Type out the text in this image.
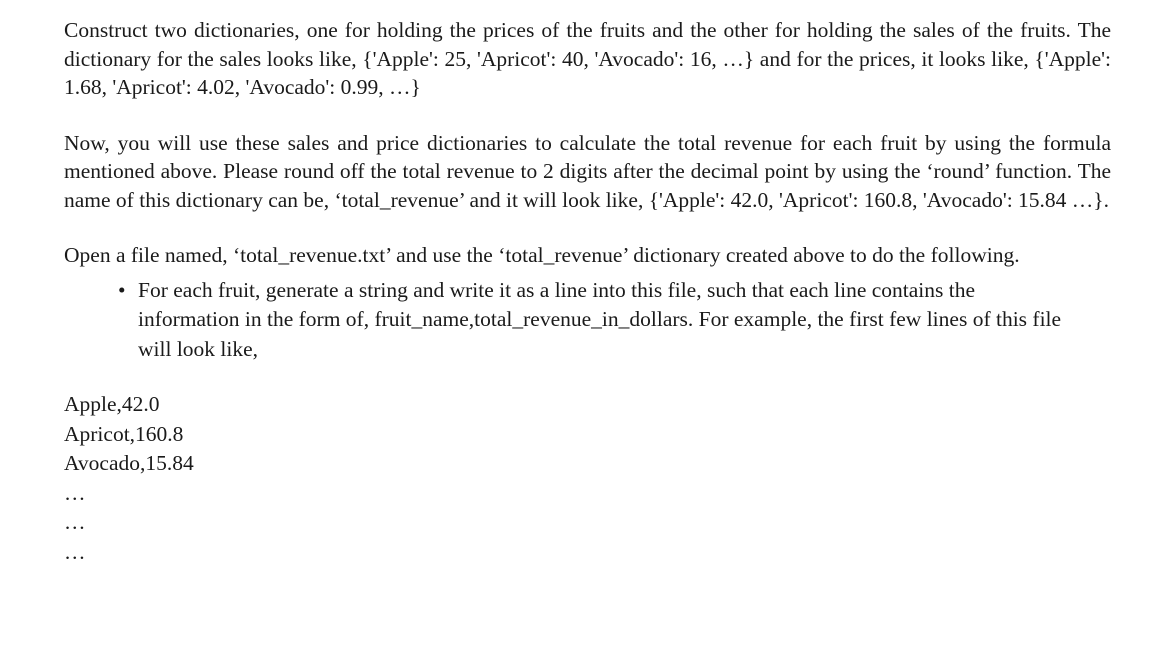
Construct two dictionaries, one for holding the prices of the fruits and the other for holding the sales of the fruits. The dictionary for the sales looks like, {'Apple': 25, 'Apricot': 40, 'Avocado': 16, …} and for the prices, it looks like, {'Apple': 1.68, 'Apricot': 4.02, 'Avocado': 0.99, …}

Now, you will use these sales and price dictionaries to calculate the total revenue for each fruit by using the formula mentioned above. Please round off the total revenue to 2 digits after the decimal point by using the ‘round’ function. The name of this dictionary can be, ‘total_revenue’ and it will look like, {'Apple': 42.0, 'Apricot': 160.8, 'Avocado': 15.84 …}.

Open a file named, ‘total_revenue.txt’ and use the ‘total_revenue’ dictionary created above to do the following.

• For each fruit, generate a string and write it as a line into this file, such that each line contains the information in the form of, fruit_name,total_revenue_in_dollars. For example, the first few lines of this file will look like,
Apple,42.0
Apricot,160.8
Avocado,15.84
…
…
…
